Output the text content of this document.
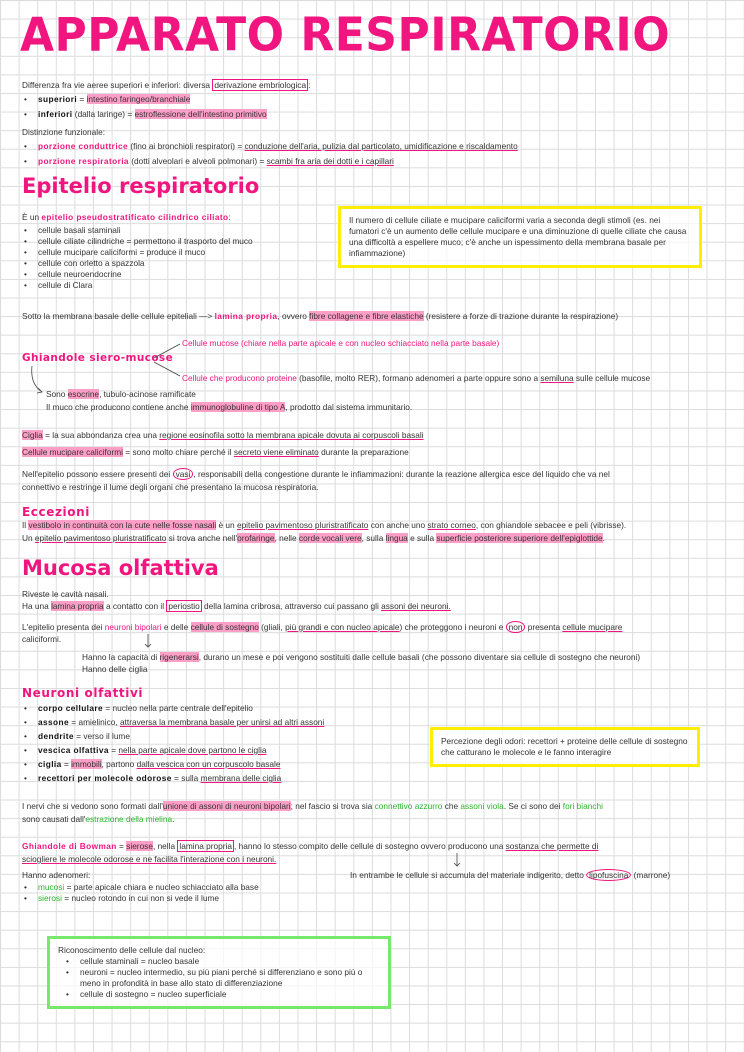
APPARATO RESPIRATORIO
Differenza fra vie aeree superiori e inferiori: diversa derivazione embriologica :
• superiori = intestino faringeo/branchiale
• inferiori (dalla laringe) = estroflessione dell'intestino primitivo
Distinzione funzionale:
• porzione conduttrice (fino ai bronchioli respiratori) = conduzione dell'aria, pulizia dal particolato, umidificazione e riscaldamento
• porzione respiratoria (dotti alveolari e alveoli polmonari) = scambi fra aria dei dotti e i capillari
Epitelio respiratorio
È un epitelio pseudostratificato cilindrico ciliato:
• cellule basali staminali
• cellule ciliate cilindriche = permettono il trasporto del muco
• cellule mucipare caliciformi = produce il muco
• cellule con orletto a spazzola
• cellule neuroendocrine
• cellule di Clara
Il numero di cellule ciliate e mucipare caliciformi varia a seconda degli stimoli (es. nei fumatori c'è un aumento delle cellule mucipare e una diminuzione di quelle ciliate che causa una difficoltà a espellere muco; c'è anche un ispessimento della membrana basale per infiammazione)
Sotto la membrana basale delle cellule epiteliali —> lamina propria, ovvero fibre collagene e fibre elastiche (resistere a forze di trazione durante la respirazione)
Ghiandole siero-mucose
Cellule mucose (chiare nella parte apicale e con nucleo schiacciato nella parte basale)
Cellule che producono proteine (basofile, molto RER), formano adenomeri a parte oppure sono a semiluna sulle cellule mucose
Sono esocrine, tubulo-acinose ramificate
Il muco che producono contiene anche immunoglobuline di tipo A, prodotto dal sistema immunitario.
Ciglia = la sua abbondanza crea una regione eosinofila sotto la membrana apicale dovuta ai corpuscoli basali
Cellule mucipare caliciformi = sono molto chiare perché il secreto viene eliminato durante la preparazione
Nell'epitelio possono essere presenti dei vasi , responsabili della congestione durante le infiammazioni: durante la reazione allergica esce del liquido che va nel
connettivo e restringe il lume degli organi che presentano la mucosa respiratoria.
Eccezioni
Il vestibolo in continuità con la cute nelle fosse nasali è un epitelio pavimentoso pluristratificato con anche uno strato corneo, con ghiandole sebacee e peli (vibrisse).
Un epitelio pavimentoso pluristratificato si trova anche nell'orofaringe, nelle corde vocali vere, sulla lingua e sulla superficie posteriore superiore dell'epiglottide.
Mucosa olfattiva
Riveste le cavità nasali.
Ha una lamina propria a contatto con il periostio della lamina cribrosa, attraverso cui passano gli assoni dei neuroni.
L'epitelio presenta dei neuroni bipolari e delle cellule di sostegno (gliali, più grandi e con nucleo apicale) che proteggono i neuroni e non presenta cellule mucipare
caliciformi.
Hanno la capacità di rigenerarsi, durano un mese e poi vengono sostituiti dalle cellule basali (che possono diventare sia cellule di sostegno che neuroni)
Hanno delle ciglia
Neuroni olfattivi
• corpo cellulare = nucleo nella parte centrale dell'epitelio
• assone = amielinico, attraversa la membrana basale per unirsi ad altri assoni
• dendrite = verso il lume
• vescica olfattiva = nella parte apicale dove partono le ciglia
• ciglia = immobili, partono dalla vescica con un corpuscolo basale
• recettori per molecole odorose = sulla membrana delle ciglia
Percezione degli odori: recettori + proteine delle cellule di sostegno che catturano le molecole e le fanno interagire
I nervi che si vedono sono formati dall'unione di assoni di neuroni bipolari; nel fascio si trova sia connettivo azzurro che assoni viola. Se ci sono dei fori bianchi
sono causati dall'estrazione della mielina.
Ghiandole di Bowman = sierose, nella lamina propria , hanno lo stesso compito delle cellule di sostegno ovvero producono una sostanza che permette di
sciogliere le molecole odorose e ne facilita l'interazione con i neuroni.
Hanno adenomeri:
• mucosi = parte apicale chiara e nucleo schiacciato alla base
• sierosi = nucleo rotondo in cui non si vede il lume
In entrambe le cellule si accumula del materiale indigerito, detto lipofuscina (marrone)
Riconoscimento delle cellule dal nucleo:
• cellule staminali = nucleo basale
• neuroni = nucleo intermedio, su più piani perché si differenziano e sono più o meno in profondità in base allo stato di differenziazione
• cellule di sostegno = nucleo superficiale
